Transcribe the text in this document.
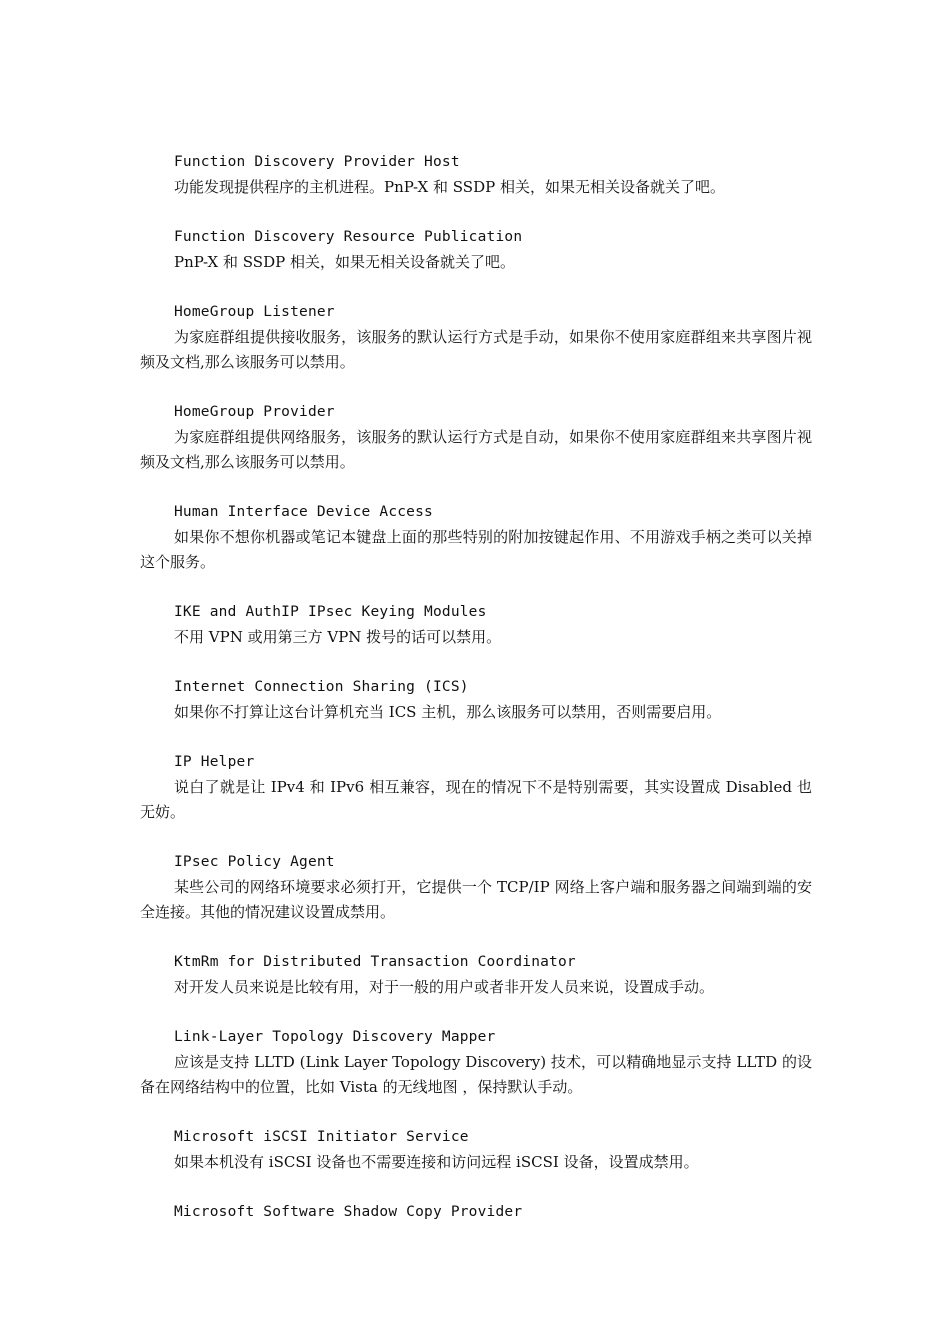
Function Discovery Provider Host
功能发现提供程序的主机进程。PnP-X 和 SSDP 相关，如果无相关设备就关了吧。
Function Discovery Resource Publication
PnP-X 和 SSDP 相关，如果无相关设备就关了吧。
HomeGroup Listener
为家庭群组提供接收服务，该服务的默认运行方式是手动，如果你不使用家庭群组来共享图片视频及文档,那么该服务可以禁用。
HomeGroup Provider
为家庭群组提供网络服务，该服务的默认运行方式是自动，如果你不使用家庭群组来共享图片视频及文档,那么该服务可以禁用。
Human Interface Device Access
如果你不想你机器或笔记本键盘上面的那些特别的附加按键起作用、不用游戏手柄之类可以关掉这个服务。
IKE and AuthIP IPsec Keying Modules
不用 VPN 或用第三方 VPN 拨号的话可以禁用。
Internet Connection Sharing (ICS)
如果你不打算让这台计算机充当 ICS 主机，那么该服务可以禁用，否则需要启用。
IP Helper
说白了就是让 IPv4 和 IPv6 相互兼容，现在的情况下不是特别需要，其实设置成 Disabled 也无妨。
IPsec Policy Agent
某些公司的网络环境要求必须打开，它提供一个 TCP/IP 网络上客户端和服务器之间端到端的安全连接。其他的情况建议设置成禁用。
KtmRm for Distributed Transaction Coordinator
对开发人员来说是比较有用，对于一般的用户或者非开发人员来说，设置成手动。
Link-Layer Topology Discovery Mapper
应该是支持 LLTD (Link Layer Topology Discovery) 技术，可以精确地显示支持 LLTD 的设备在网络结构中的位置，比如 Vista 的无线地图 ，保持默认手动。
Microsoft iSCSI Initiator Service
如果本机没有 iSCSI 设备也不需要连接和访问远程 iSCSI 设备，设置成禁用。
Microsoft Software Shadow Copy Provider
